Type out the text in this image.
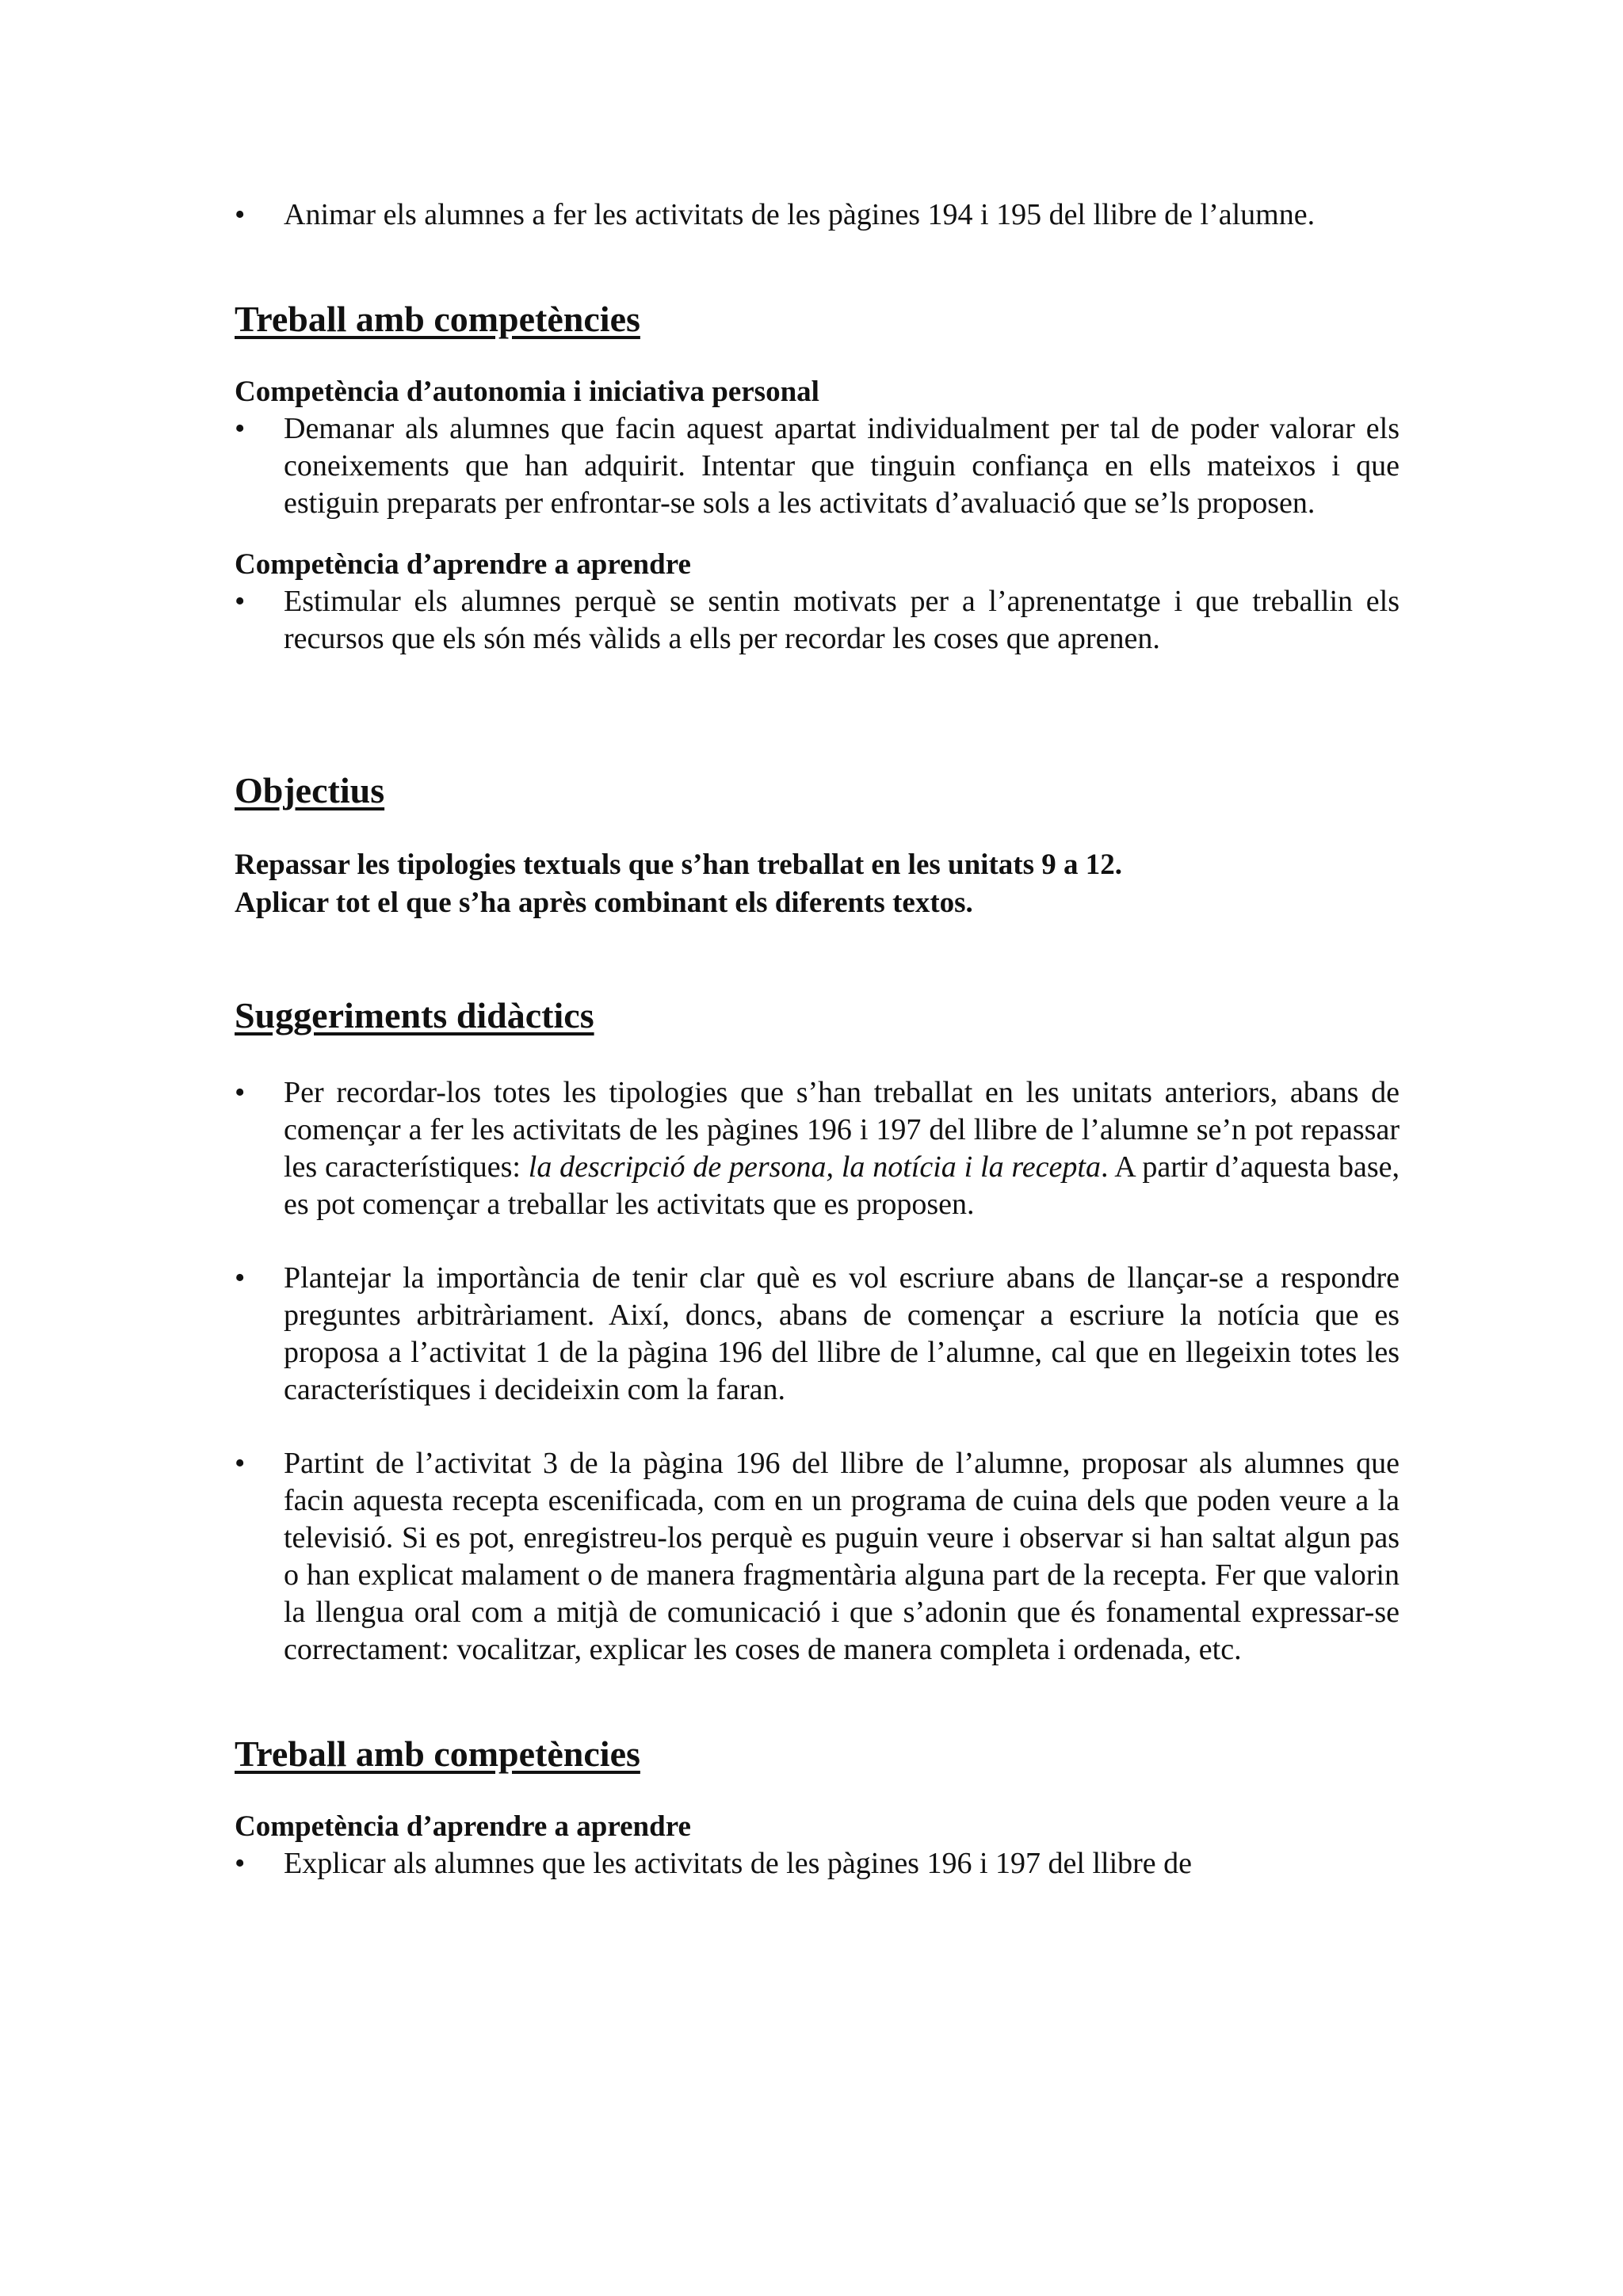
• Animar els alumnes a fer les activitats de les pàgines 194 i 195 del llibre de l’alumne.
Treball amb competències
Competència d’autonomia i iniciativa personal
• Demanar als alumnes que facin aquest apartat individualment per tal de poder valorar els coneixements que han adquirit. Intentar que tinguin confiança en ells mateixos i que estiguin preparats per enfrontar-se sols a les activitats d’avaluació que se’ls proposen.
Competència d’aprendre a aprendre
• Estimular els alumnes perquè se sentin motivats per a l’aprenentatge i que treballin els recursos que els són més vàlids a ells per recordar les coses que aprenen.
Objectius

Repassar les tipologies textuals que s’han treballat en les unitats 9 a 12.

Aplicar tot el que s’ha après combinant els diferents textos.

Suggeriments didàctics
• Per recordar-los totes les tipologies que s’han treballat en les unitats anteriors, abans de començar a fer les activitats de les pàgines 196 i 197 del llibre de l’alumne se’n pot repassar les característiques: la descripció de persona, la notícia i la recepta. A partir d’aquesta base, es pot començar a treballar les activitats que es proposen.
• Plantejar la importància de tenir clar què es vol escriure abans de llançar-se a respondre preguntes arbitràriament. Així, doncs, abans de començar a escriure la notícia que es proposa a l’activitat 1 de la pàgina 196 del llibre de l’alumne, cal que en llegeixin totes les característiques i decideixin com la faran.
• Partint de l’activitat 3 de la pàgina 196 del llibre de l’alumne, proposar als alumnes que facin aquesta recepta escenificada, com en un programa de cuina dels que poden veure a la televisió. Si es pot, enregistreu-los perquè es puguin veure i observar si han saltat algun pas o han explicat malament o de manera fragmentària alguna part de la recepta. Fer que valorin la llengua oral com a mitjà de comunicació i que s’adonin que és fonamental expressar-se correctament: vocalitzar, explicar les coses de manera completa i ordenada, etc.
Treball amb competències
Competència d’aprendre a aprendre
• Explicar als alumnes que les activitats de les pàgines 196 i 197 del llibre de
